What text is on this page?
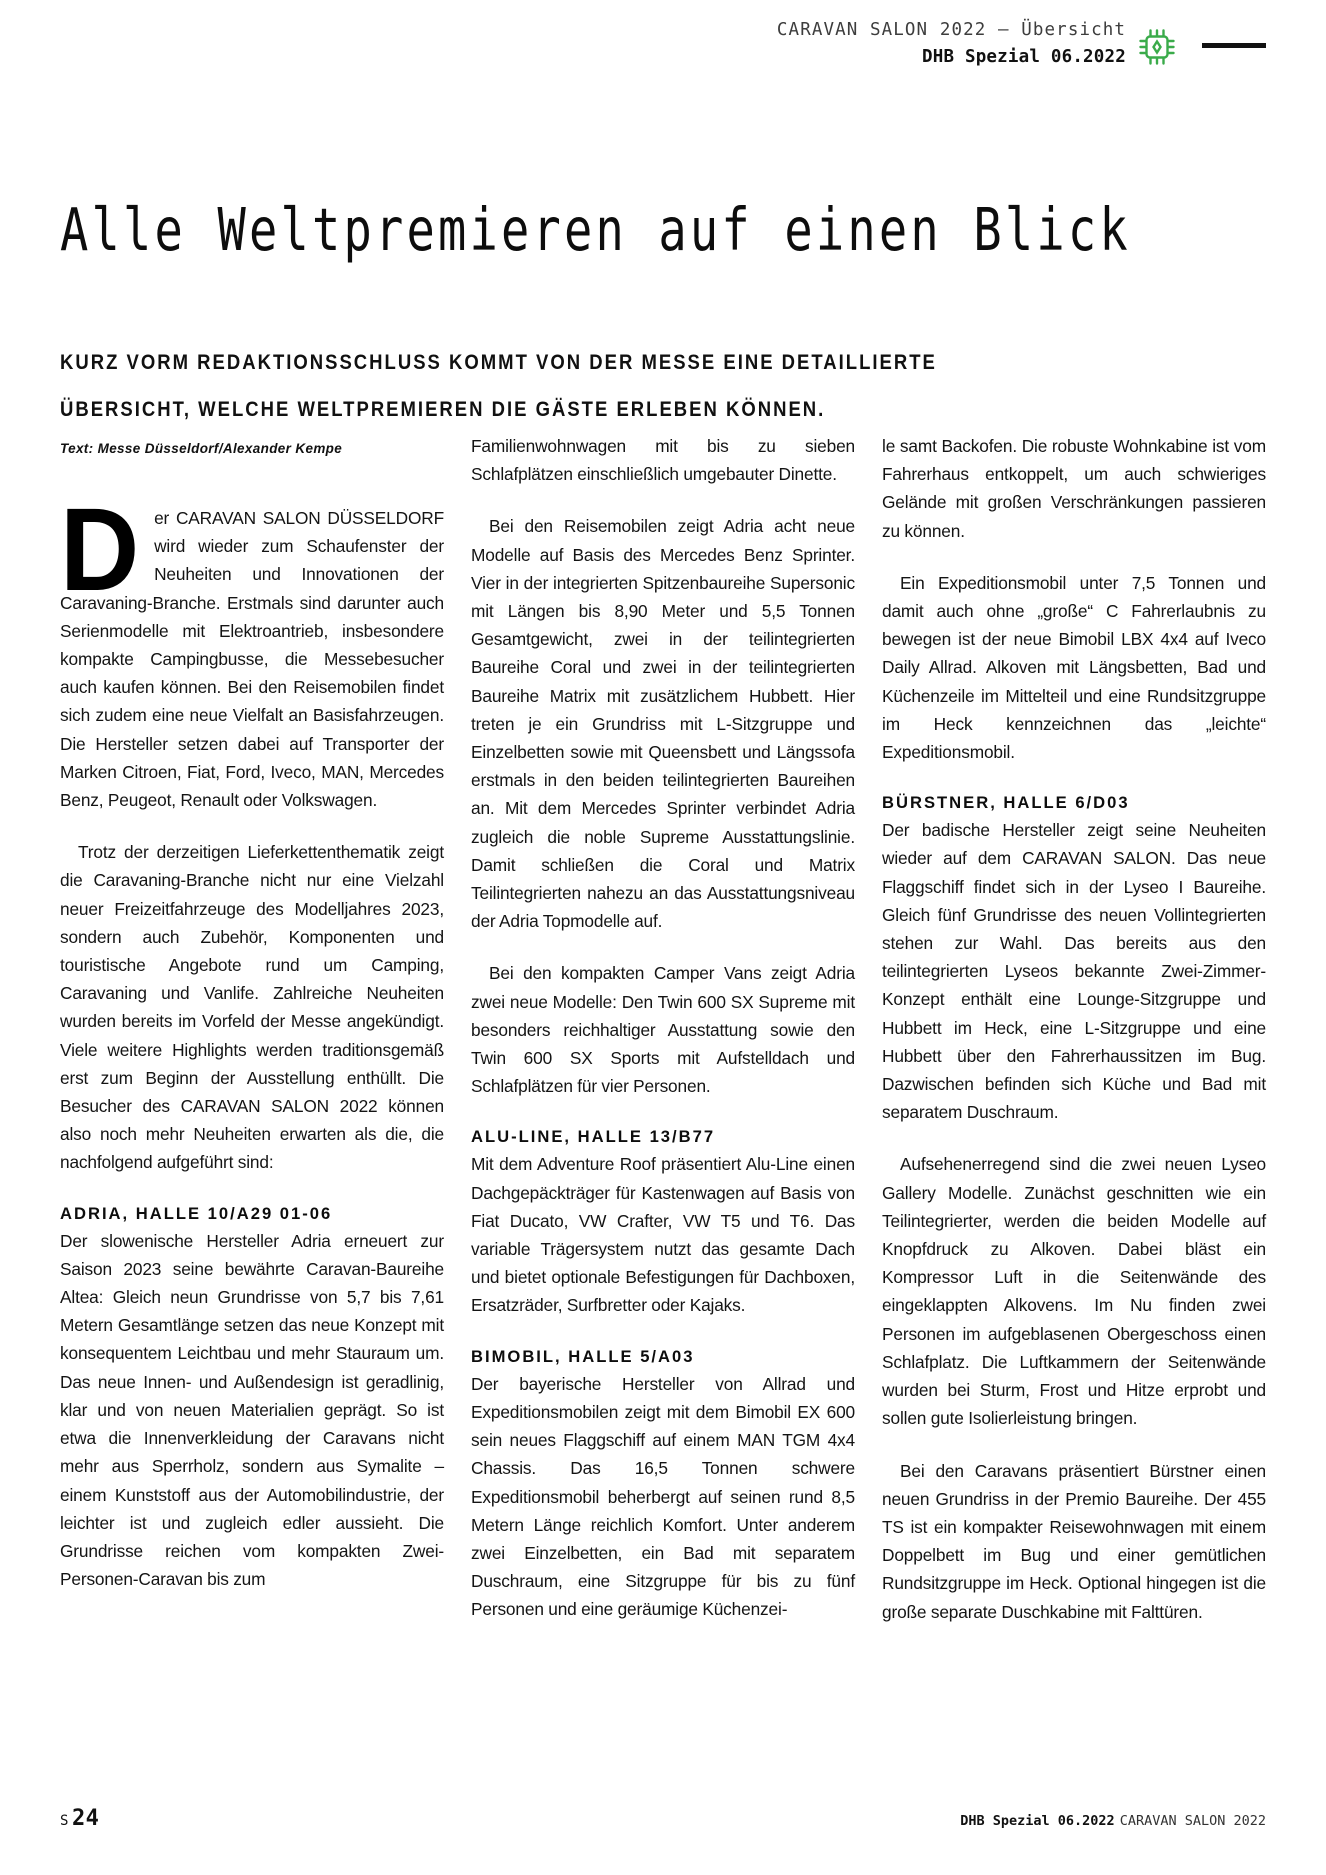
CARAVAN SALON 2022 – Übersicht
DHB Spezial 06.2022
Alle Weltpremieren auf einen Blick
KURZ VORM REDAKTIONSSCHLUSS KOMMT VON DER MESSE EINE DETAILLIERTE ÜBERSICHT, WELCHE WELTPREMIEREN DIE GÄSTE ERLEBEN KÖNNEN.
Text: Messe Düsseldorf/Alexander Kempe

Der CARAVAN SALON DÜSSELDORF wird wieder zum Schaufenster der Neuheiten und Innovationen der Caravaning-Branche. Erstmals sind darunter auch Serienmodelle mit Elektroantrieb, insbesondere kompakte Campingbusse, die Messebesucher auch kaufen können. Bei den Reisemobilen findet sich zudem eine neue Vielfalt an Basisfahrzeugen. Die Hersteller setzen dabei auf Transporter der Marken Citroen, Fiat, Ford, Iveco, MAN, Mercedes Benz, Peugeot, Renault oder Volkswagen.

Trotz der derzeitigen Lieferkettenthematik zeigt die Caravaning-Branche nicht nur eine Vielzahl neuer Freizeitfahrzeuge des Modelljahres 2023, sondern auch Zubehör, Komponenten und touristische Angebote rund um Camping, Caravaning und Vanlife. Zahlreiche Neuheiten wurden bereits im Vorfeld der Messe angekündigt. Viele weitere Highlights werden traditionsgemäß erst zum Beginn der Ausstellung enthüllt. Die Besucher des CARAVAN SALON 2022 können also noch mehr Neuheiten erwarten als die, die nachfolgend aufgeführt sind:

ADRIA, HALLE 10/A29 01-06

Der slowenische Hersteller Adria erneuert zur Saison 2023 seine bewährte Caravan-Baureihe Altea: Gleich neun Grundrisse von 5,7 bis 7,61 Metern Gesamtlänge setzen das neue Konzept mit konsequentem Leichtbau und mehr Stauraum um. Das neue Innen- und Außendesign ist geradlinig, klar und von neuen Materialien geprägt. So ist etwa die Innenverkleidung der Caravans nicht mehr aus Sperrholz, sondern aus Symalite – einem Kunststoff aus der Automobilindustrie, der leichter ist und zugleich edler aussieht. Die Grundrisse reichen vom kompakten Zwei-Personen-Caravan bis zum

Familienwohnwagen mit bis zu sieben Schlafplätzen einschließlich umgebauter Dinette.

Bei den Reisemobilen zeigt Adria acht neue Modelle auf Basis des Mercedes Benz Sprinter. Vier in der integrierten Spitzenbaureihe Supersonic mit Längen bis 8,90 Meter und 5,5 Tonnen Gesamtgewicht, zwei in der teilintegrierten Baureihe Coral und zwei in der teilintegrierten Baureihe Matrix mit zusätzlichem Hubbett. Hier treten je ein Grundriss mit L-Sitzgruppe und Einzelbetten sowie mit Queensbett und Längssofa erstmals in den beiden teilintegrierten Baureihen an. Mit dem Mercedes Sprinter verbindet Adria zugleich die noble Supreme Ausstattungslinie. Damit schließen die Coral und Matrix Teilintegrierten nahezu an das Ausstattungsniveau der Adria Topmodelle auf.

Bei den kompakten Camper Vans zeigt Adria zwei neue Modelle: Den Twin 600 SX Supreme mit besonders reichhaltiger Ausstattung sowie den Twin 600 SX Sports mit Aufstelldach und Schlafplätzen für vier Personen.

ALU-LINE, HALLE 13/B77

Mit dem Adventure Roof präsentiert Alu-Line einen Dachgepäckträger für Kastenwagen auf Basis von Fiat Ducato, VW Crafter, VW T5 und T6. Das variable Trägersystem nutzt das gesamte Dach und bietet optionale Befestigungen für Dachboxen, Ersatzräder, Surfbretter oder Kajaks.

BIMOBIL, HALLE 5/A03

Der bayerische Hersteller von Allrad und Expeditionsmobilen zeigt mit dem Bimobil EX 600 sein neues Flaggschiff auf einem MAN TGM 4x4 Chassis. Das 16,5 Tonnen schwere Expeditionsmobil beherbergt auf seinen rund 8,5 Metern Länge reichlich Komfort. Unter anderem zwei Einzelbetten, ein Bad mit separatem Duschraum, eine Sitzgruppe für bis zu fünf Personen und eine geräumige Küchenzei-

le samt Backofen. Die robuste Wohnkabine ist vom Fahrerhaus entkoppelt, um auch schwieriges Gelände mit großen Verschränkungen passieren zu können.

Ein Expeditionsmobil unter 7,5 Tonnen und damit auch ohne „große“ C Fahrerlaubnis zu bewegen ist der neue Bimobil LBX 4x4 auf Iveco Daily Allrad. Alkoven mit Längsbetten, Bad und Küchenzeile im Mittelteil und eine Rundsitzgruppe im Heck kennzeichnen das „leichte“ Expeditionsmobil.

BÜRSTNER, HALLE 6/D03

Der badische Hersteller zeigt seine Neuheiten wieder auf dem CARAVAN SALON. Das neue Flaggschiff findet sich in der Lyseo I Baureihe. Gleich fünf Grundrisse des neuen Vollintegrierten stehen zur Wahl. Das bereits aus den teilintegrierten Lyseos bekannte Zwei-Zimmer-Konzept enthält eine Lounge-Sitzgruppe und Hubbett im Heck, eine L-Sitzgruppe und eine Hubbett über den Fahrerhaussitzen im Bug. Dazwischen befinden sich Küche und Bad mit separatem Duschraum.

Aufsehenerregend sind die zwei neuen Lyseo Gallery Modelle. Zunächst geschnitten wie ein Teilintegrierter, werden die beiden Modelle auf Knopfdruck zu Alkoven. Dabei bläst ein Kompressor Luft in die Seitenwände des eingeklappten Alkovens. Im Nu finden zwei Personen im aufgeblasenen Obergeschoss einen Schlafplatz. Die Luftkammern der Seitenwände wurden bei Sturm, Frost und Hitze erprobt und sollen gute Isolierleistung bringen.

Bei den Caravans präsentiert Bürstner einen neuen Grundriss in der Premio Baureihe. Der 455 TS ist ein kompakter Reisewohnwagen mit einem Doppelbett im Bug und einer gemütlichen Rundsitzgruppe im Heck. Optional hingegen ist die große separate Duschkabine mit Falttüren.

S 24	DHB Spezial 06.2022 CARAVAN SALON 2022
